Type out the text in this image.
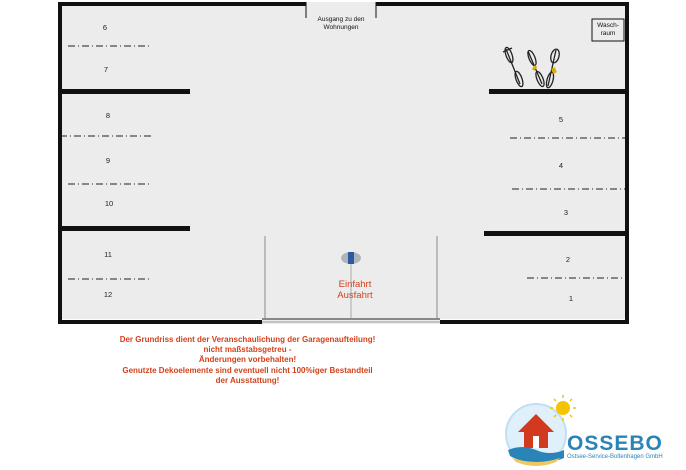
6
7
8
9
10
11
12
5
4
3
2
1
Ausgang zu den
Wohnungen	Wasch-
raum
Einfahrt
Ausfahrt
Der Grundriss dient der Veranschaulichung der Garagenaufteilung!
nicht maßstabsgetreu -
Änderungen vorbehalten!
Genutzte Dekoelemente sind eventuell nicht 100%iger Bestandteil
der Ausstattung!
OSSEBO
Ostsee-Service-Boltenhagen GmbH
